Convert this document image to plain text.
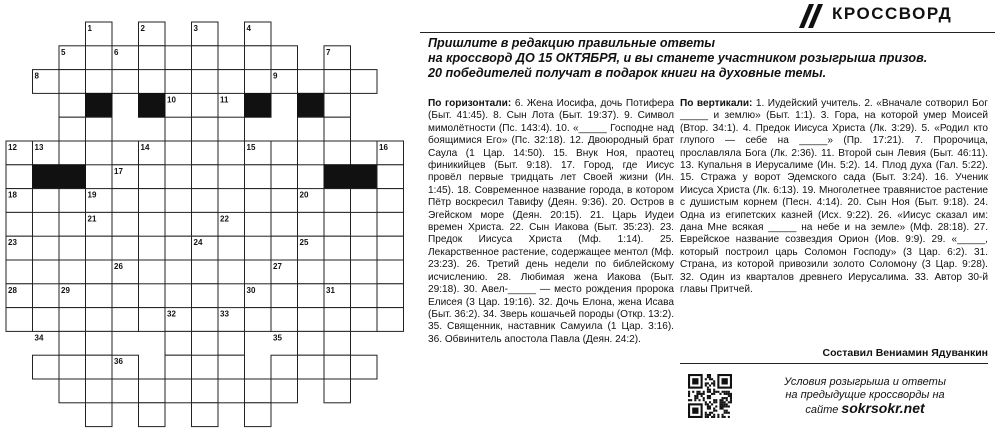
1	2	3	4
5	6	7
8	9
10	11
12 13	14	15	16
17
18	19	20
21	22
23	24	25
26	27
28	29	30	31
32	33
34	35
36
КРОССВОРД
Пришлите в редакцию правильные ответы
на кроссворд ДО 15 ОКТЯБРЯ, и вы станете участником розыгрыша призов.
20 победителей получат в подарок книги на духовные темы.
По горизонтали: 6. Жена Иосифа, дочь Потифера (Быт. 41:45). 8. Сын Лота (Быт. 19:37). 9. Символ мимолётности (Пс. 143:4). 10. «_____ Господне над боящимися Его» (Пс. 32:18). 12. Двоюродный брат Саула (1 Цар. 14:50). 15. Внук Ноя, праотец финикийцев (Быт. 9:18). 17. Город, где Иисус провёл первые тридцать лет Своей жизни (Ин. 1:45). 18. Современное название города, в котором Пётр воскресил Тавифу (Деян. 9:36). 20. Остров в Эгейском море (Деян. 20:15). 21. Царь Иудеи времен Христа. 22. Сын Иакова (Быт. 35:23). 23. Предок Иисуса Христа (Мф. 1:14). 25. Лекарственное растение, содержащее ментол (Мф. 23:23). 26. Третий день недели по библейскому исчислению. 28. Любимая жена Иакова (Быт. 29:18). 30. Авел-_____ — место рождения пророка Елисея (3 Цар. 19:16). 32. Дочь Елона, жена Исава (Быт. 36:2). 34. Зверь кошачьей породы (Откр. 13:2). 35. Священник, наставник Самуила (1 Цар. 3:16). 36. Обвинитель апостола Павла (Деян. 24:2).
По вертикали: 1. Иудейский учитель. 2. «Вначале сотворил Бог _____ и землю» (Быт. 1:1). 3. Гора, на которой умер Моисей (Втор. 34:1). 4. Предок Иисуса Христа (Лк. 3:29). 5. «Родил кто глупого — себе на _____» (Пр. 17:21). 7. Пророчица, прославляла Бога (Лк. 2:36). 11. Второй сын Левия (Быт. 46:11). 13. Купальня в Иерусалиме (Ин. 5:2). 14. Плод духа (Гал. 5:22). 15. Стража у ворот Эдемского сада (Быт. 3:24). 16. Ученик Иисуса Христа (Лк. 6:13). 19. Многолетнее травянистое растение с душистым корнем (Песн. 4:14). 20. Сын Ноя (Быт. 9:18). 24. Одна из египетских казней (Исх. 9:22). 26. «Иисус сказал им: дана Мне всякая _____ на небе и на земле» (Мф. 28:18). 27. Еврейское название созвездия Орион (Иов. 9:9). 29. «_____, который построил царь Соломон Господу» (3 Цар. 6:2). 31. Страна, из которой привозили золото Соломону (3 Цар. 9:28). 32. Один из кварталов древнего Иерусалима. 33. Автор 30-й главы Притчей.
Составил Вениамин Ядуванкин
Условия розыгрыша и ответы
на предыдущие кроссворды на
сайте sokrsokr.net
